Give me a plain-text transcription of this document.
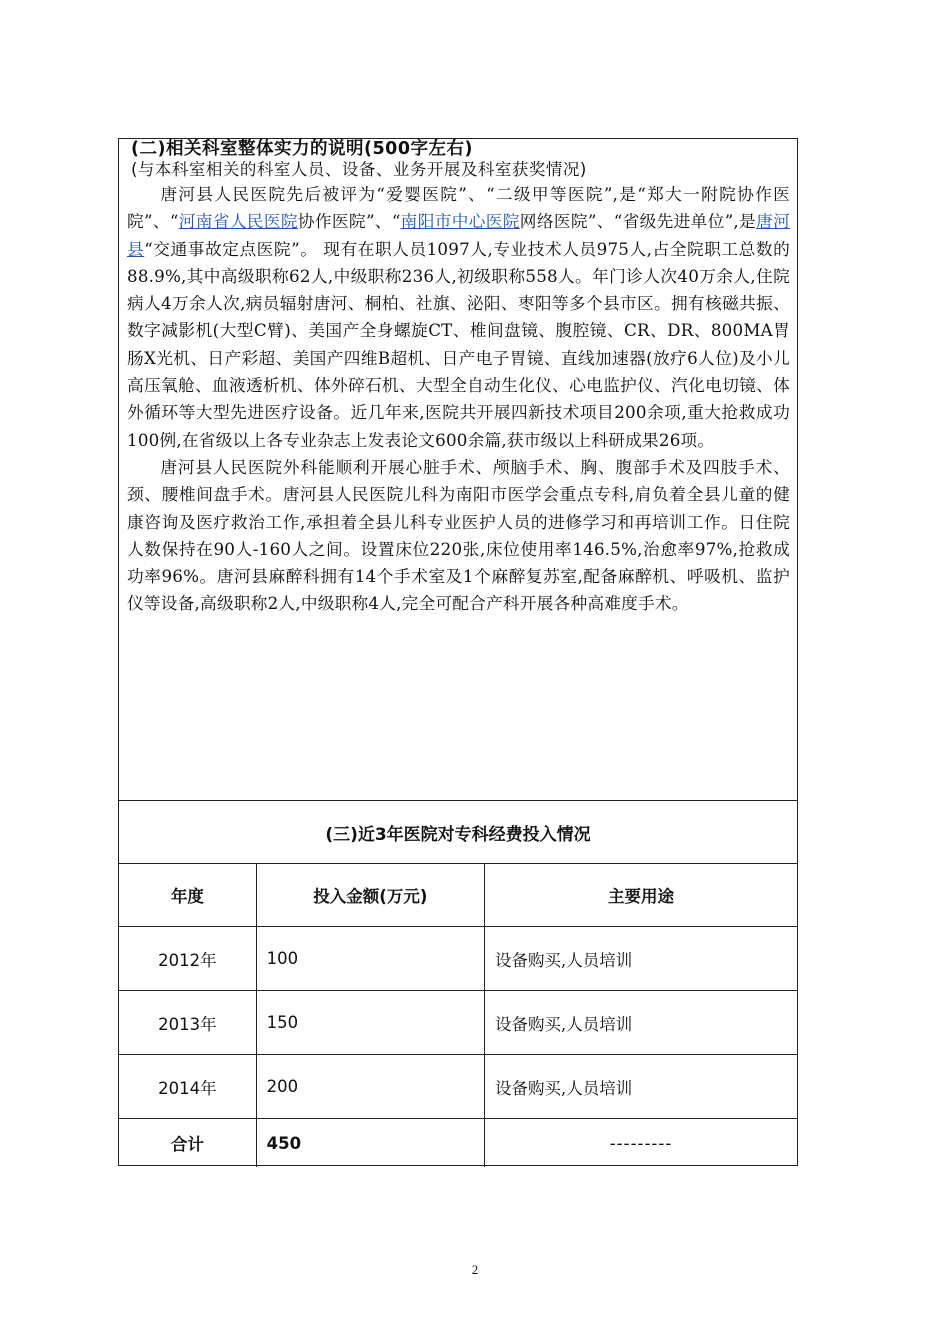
(二)相关科室整体实力的说明(500字左右)
(与本科室相关的科室人员、设备、业务开展及科室获奖情况)

唐河县人民医院先后被评为“爱婴医院”、“二级甲等医院”,是“郑大一附院协作医院”、“河南省人民医院协作医院”、“南阳市中心医院网络医院”、“省级先进单位”,是唐河县“交通事故定点医院”。 现有在职人员1097人,专业技术人员975人,占全院职工总数的88.9%,其中高级职称62人,中级职称236人,初级职称558人。年门诊人次40万余人,住院病人4万余人次,病员辐射唐河、桐柏、社旗、泌阳、枣阳等多个县市区。拥有核磁共振、数字减影机(大型C臂)、美国产全身螺旋CT、椎间盘镜、腹腔镜、CR、DR、800MA胃肠X光机、日产彩超、美国产四维B超机、日产电子胃镜、直线加速器(放疗6人位)及小儿高压氧舱、血液透析机、体外碎石机、大型全自动生化仪、心电监护仪、汽化电切镜、体外循环等大型先进医疗设备。近几年来,医院共开展四新技术项目200余项,重大抢救成功100例,在省级以上各专业杂志上发表论文600余篇,获市级以上科研成果26项。

唐河县人民医院外科能顺利开展心脏手术、颅脑手术、胸、腹部手术及四肢手术、颈、腰椎间盘手术。唐河县人民医院儿科为南阳市医学会重点专科,肩负着全县儿童的健康咨询及医疗救治工作,承担着全县儿科专业医护人员的进修学习和再培训工作。日住院人数保持在90人-160人之间。设置床位220张,床位使用率146.5%,治愈率97%,抢救成功率96%。唐河县麻醉科拥有14个手术室及1个麻醉复苏室,配备麻醉机、呼吸机、监护仪等设备,高级职称2人,中级职称4人,完全可配合产科开展各种高难度手术。

(三)近3年医院对专科经费投入情况
年度	投入金额(万元)	主要用途
2012年	100	设备购买,人员培训
2013年	150	设备购买,人员培训
2014年	200	设备购买,人员培训
合计	450	---------
2
